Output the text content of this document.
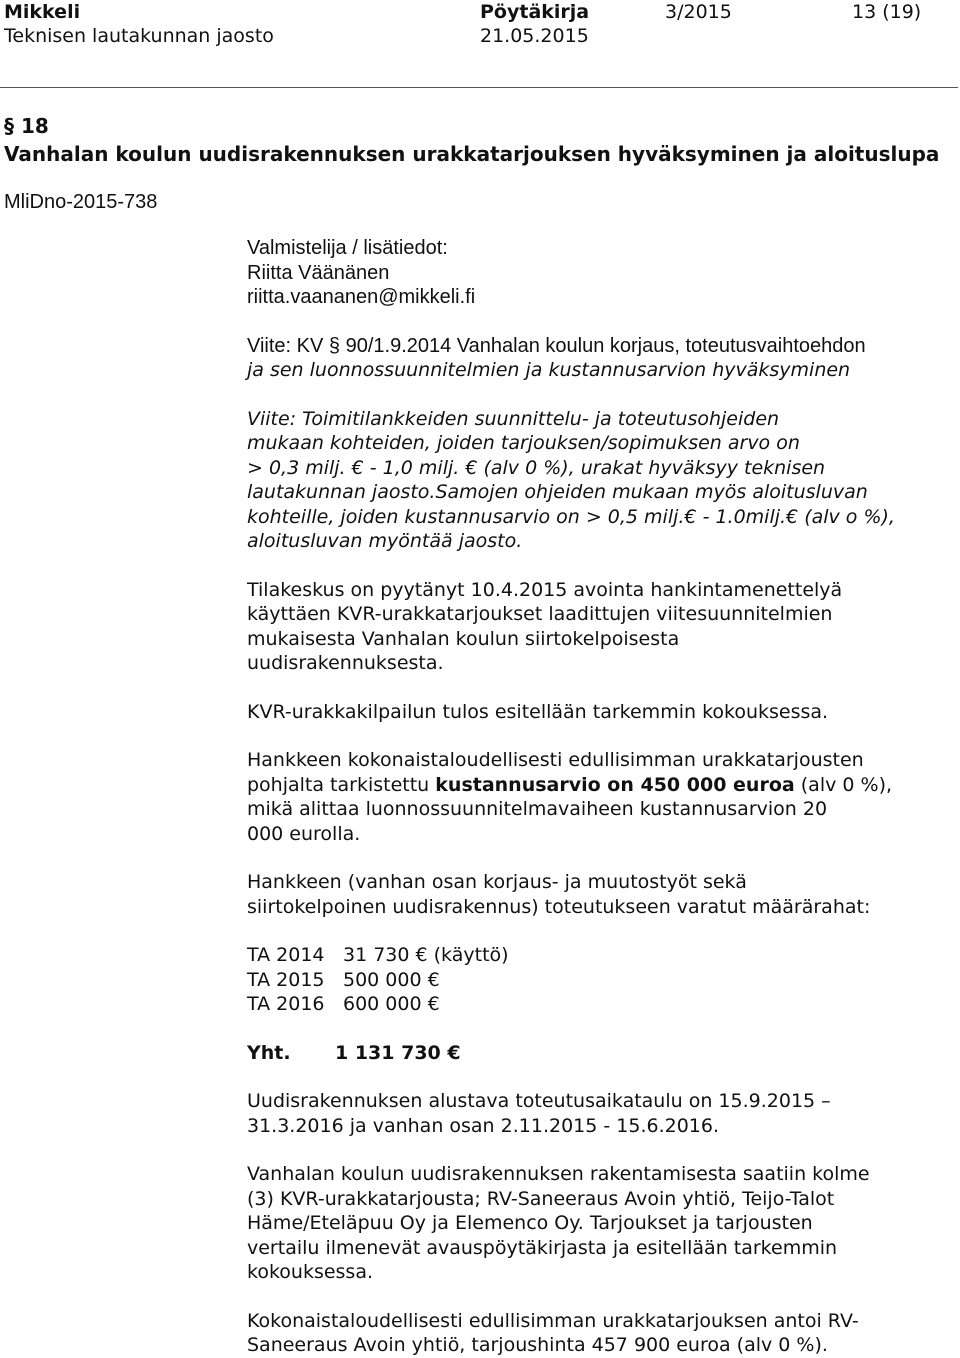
Mikkeli	Pöytäkirja	3/2015	13 (19)
Teknisen lautakunnan jaosto	21.05.2015
§ 18
Vanhalan koulun uudisrakennuksen urakkatarjouksen hyväksyminen ja aloituslupa
MliDno-2015-738

Valmistelija / lisätiedot:

Riitta Väänänen

riitta.vaananen@mikkeli.fi

Viite: KV § 90/1.9.2014 Vanhalan koulun korjaus, toteutusvaihtoehdon

ja sen luonnossuunnitelmien ja kustannusarvion hyväksyminen

Viite: Toimitilankkeiden suunnittelu- ja toteutusohjeiden

mukaan kohteiden, joiden tarjouksen/sopimuksen arvo on

> 0,3 milj. € - 1,0 milj. € (alv 0 %), urakat hyväksyy teknisen

lautakunnan jaosto.Samojen ohjeiden mukaan myös aloitusluvan

kohteille, joiden kustannusarvio on > 0,5 milj.€ - 1.0milj.€ (alv o %),

aloitusluvan myöntää jaosto.

Tilakeskus on pyytänyt 10.4.2015 avointa hankintamenettelyä

käyttäen KVR-urakkatarjoukset laadittujen viitesuunnitelmien

mukaisesta Vanhalan koulun siirtokelpoisesta

uudisrakennuksesta.

KVR-urakkakilpailun tulos esitellään tarkemmin kokouksessa.

Hankkeen kokonaistaloudellisesti edullisimman urakkatarjousten

pohjalta tarkistettu kustannusarvio on 450 000 euroa (alv 0 %),

mikä alittaa luonnossuunnitelmavaiheen kustannusarvion 20

000 eurolla.

Hankkeen (vanhan osan korjaus- ja muutostyöt sekä

siirtokelpoinen uudisrakennus) toteutukseen varatut määrärahat:

TA 2014 31 730 € (käyttö)
TA 2015 500 000 €
TA 2016 600 000 €
Yht.	1 131 730 €

Uudisrakennuksen alustava toteutusaikataulu on 15.9.2015 –

31.3.2016 ja vanhan osan 2.11.2015 - 15.6.2016.

Vanhalan koulun uudisrakennuksen rakentamisesta saatiin kolme

(3) KVR-urakkatarjousta; RV-Saneeraus Avoin yhtiö, Teijo-Talot

Häme/Eteläpuu Oy ja Elemenco Oy. Tarjoukset ja tarjousten

vertailu ilmenevät avauspöytäkirjasta ja esitellään tarkemmin

kokouksessa.

Kokonaistaloudellisesti edullisimman urakkatarjouksen antoi RV-

Saneeraus Avoin yhtiö, tarjoushinta 457 900 euroa (alv 0 %).
